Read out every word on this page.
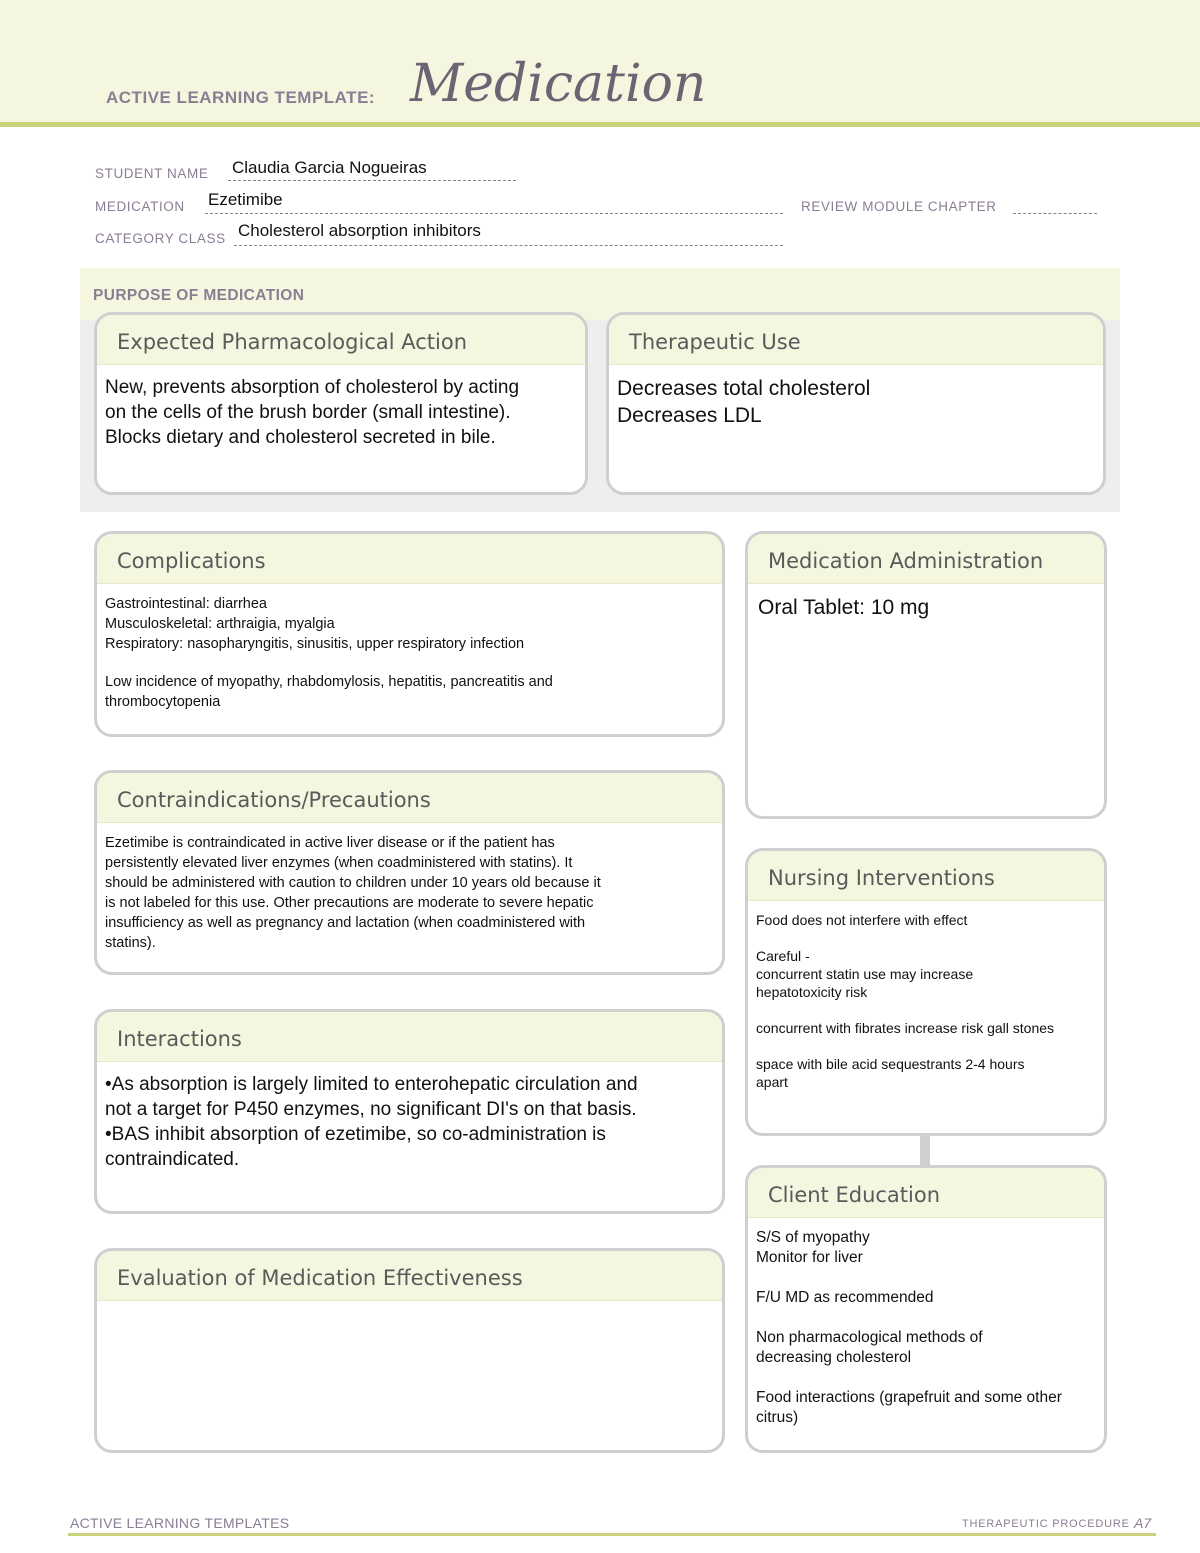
ACTIVE LEARNING TEMPLATE: Medication
STUDENT NAME Claudia Garcia Nogueiras
MEDICATION Ezetimibe	REVIEW MODULE CHAPTER
CATEGORY CLASS Cholesterol absorption inhibitors
PURPOSE OF MEDICATION
Expected Pharmacological Action
New, prevents absorption of cholesterol by acting
on the cells of the brush border (small intestine).
Blocks dietary and cholesterol secreted in bile.
Therapeutic Use
Decreases total cholesterol
Decreases LDL
Complications
Gastrointestinal: diarrhea
Musculoskeletal: arthraigia, myalgia
Respiratory: nasopharyngitis, sinusitis, upper respiratory infection
Low incidence of myopathy, rhabdomylosis, hepatitis, pancreatitis and
thrombocytopenia
Contraindications/Precautions
Ezetimibe is contraindicated in active liver disease or if the patient has
persistently elevated liver enzymes (when coadministered with statins). It
should be administered with caution to children under 10 years old because it
is not labeled for this use. Other precautions are moderate to severe hepatic
insufficiency as well as pregnancy and lactation (when coadministered with
statins).
Interactions
•As absorption is largely limited to enterohepatic circulation and
not a target for P450 enzymes, no significant DI's on that basis.
•BAS inhibit absorption of ezetimibe, so co-administration is
contraindicated.
Evaluation of Medication Effectiveness
Medication Administration
Oral Tablet: 10 mg
Nursing Interventions
Food does not interfere with effect
Careful -
concurrent statin use may increase
hepatotoxicity risk
concurrent with fibrates increase risk gall stones
space with bile acid sequestrants 2-4 hours
apart
Client Education
S/S of myopathy
Monitor for liver
F/U MD as recommended
Non pharmacological methods of
decreasing cholesterol
Food interactions (grapefruit and some other
citrus)
ACTIVE LEARNING TEMPLATES	THERAPEUTIC PROCEDURE A7
